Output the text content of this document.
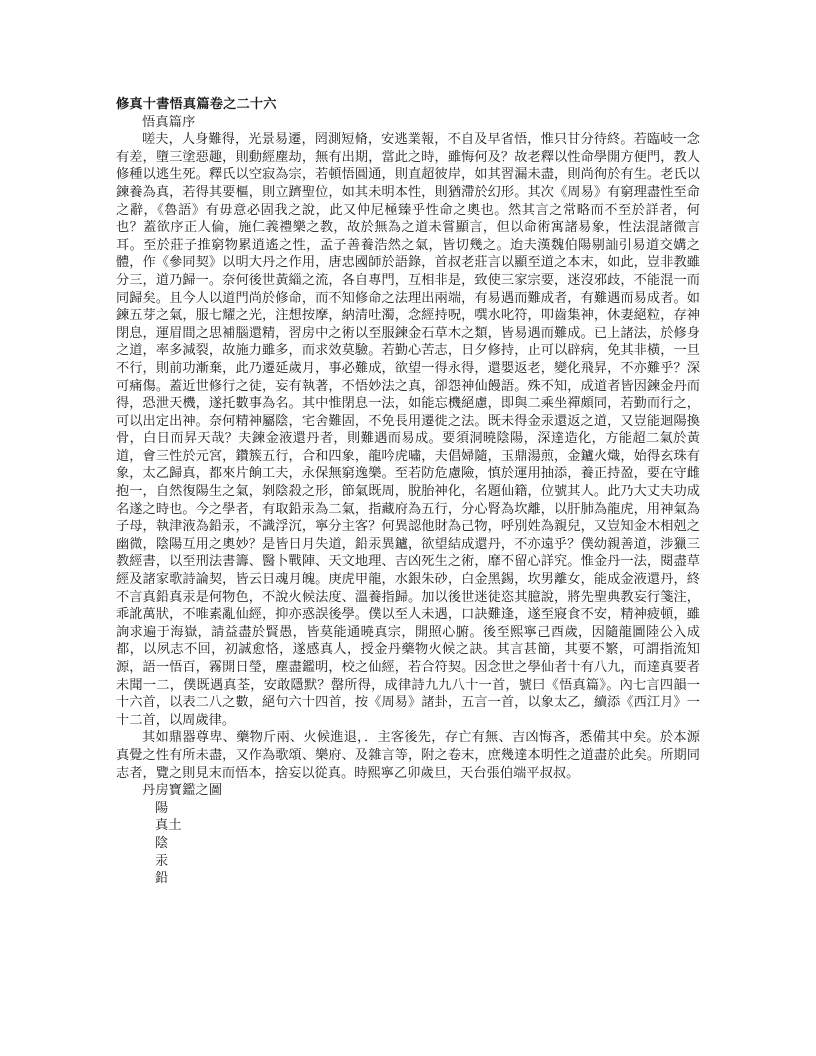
修真十書悟真篇卷之二十六
悟真篇序

嗟夫，人身難得，光景易遷，罔測短脩，安逃業報，不自及早省悟，惟只甘分待終。若臨岐一念有差，墮三塗惡趣，則動經塵劫，無有出期，當此之時，雖悔何及？故老釋以性命學開方便門，教人修種以逃生死。釋氏以空寂為宗，若頓悟圓通，則直超彼岸，如其習漏未盡，則尚徇於有生。老氏以鍊養為真，若得其要樞，則立躋聖位，如其未明本性，則猶滯於幻形。其次《周易》有窮理盡性至命之辭，《魯語》有毋意必固我之說，此又仲尼極臻乎性命之奧也。然其言之常略而不至於詳者，何也？蓋欲序正人倫，施仁義禮樂之教，故於無為之道未嘗顯言，但以命術寓諸易象，性法混諸微言耳。至於莊子推窮物累逍遙之性，孟子善養浩然之氣，皆切幾之。迨夫漢魏伯陽剔訕引易道交媾之體，作《參同契》以明大丹之作用，唐忠國師於語錄，首叔老莊言以顯至道之本末，如此，豈非教雖分三，道乃歸一。奈何後世黃緇之流，各自專門，互相非是，致使三家宗要，迷沒邪歧，不能混一而同歸矣。且今人以道門尚於修命，而不知修命之法理出兩端，有易遇而難成者，有難遇而易成者。如鍊五芽之氣，服七耀之光，注想按摩，納清吐濁，念經持呪，噀水叱符，叩齒集神，休妻絕粒，存神閉息，運眉間之思補腦還精，習房中之術以至服鍊金石草木之類，皆易遇而難成。已上諸法，於修身之道，率多減裂，故施力雖多，而求效莫驗。若勤心苦志，日夕修持，止可以辟病，免其非橫，一旦不行，則前功漸棄，此乃遷延歲月，事必難成，欲望一得永得，還嬰返老，變化飛昇，不亦難乎？深可痛傷。蓋近世修行之徒，妄有執著，不悟妙法之真，卻怨神仙饅語。殊不知，成道者皆因鍊金丹而得，恐泄天機，遂托數事為名。其中惟閉息一法，如能忘機絕慮，即與二乘坐禪頗同，若勤而行之，可以出定出神。奈何精神屬陰，宅舍難固，不免長用遷徙之法。既未得金汞還返之道，又豈能迴陽換骨，白日而昇天哉？夫鍊金液還丹者，則難遇而易成。要須洞曉陰陽，深達造化，方能超二氣於黃道，會三性於元宮，鑽簇五行，合和四象，龍吟虎嘯，夫倡婦隨，玉鼎湯煎，金鑪火熾，始得玄珠有象，太乙歸真，都來片餉工夫，永保無窮逸樂。至若防危慮險，慎於運用抽添，養正持盈，要在守雌抱一，自然復陽生之氣，剝陰殺之形，節氣既周，脫胎神化，名題仙籍，位號其人。此乃大丈夫功成名遂之時也。今之學者，有取鉛汞為二氣，指藏府為五行，分心腎為坎離，以肝肺為龍虎，用神氣為子母，執津液為鉛汞，不識浮沉，寧分主客？何異認他財為己物，呼別姓為親兒，又豈知金木相剋之幽微，陰陽互用之奧妙？是皆日月失道，鉛汞異鑪，欲望結成還丹，不亦遠乎？僕幼親善道，涉獵三教經書，以至刑法書籌、醫卜戰陣、天文地理、吉凶死生之術，靡不留心詳究。惟金丹一法，閱盡草經及諸家歌詩論契，皆云日魂月魄。庚虎甲龍，水銀朱砂，白金黑錫，坎男離女，能成金液還丹，終不言真鉛真汞是何物色，不說火候法度、溫養指歸。加以後世迷徒恣其臆說，將先聖典教妄行箋注，乖訛萬狀，不唯素亂仙經，抑亦惑誤後學。僕以至人未遇，口訣難逢，遂至寢食不安，精神疲頓，雖詢求遍于海嶽，請益盡於賢愚，皆莫能通曉真宗，開照心腑。後至熙寧己酉歲，因隨龍圖陸公入成都，以夙志不回，初誠愈恪，遂感真人，授金丹藥物火候之訣。其言甚簡，其要不繁，可謂指流知源，語一悟百，霧開日瑩，塵盡鑑明，校之仙經，若合符契。因念世之學仙者十有八九，而達真要者未聞一二，僕既遇真荃，安敢隱默？罄所得，成律詩九九八十一首，號曰《悟真篇》。內七言四韻一十六首，以表二八之數，絕句六十四首，按《周易》諸卦，五言一首，以象太乙，續添《西江月》一十二首，以周歲律。

其如鼎器尊卑、藥物斤兩、火候進退，．主客後先，存亡有無、吉凶悔吝，悉備其中矣。於本源真覺之性有所未盡，又作為歌頌、樂府、及雜言等，附之卷末，庶幾達本明性之道盡於此矣。所期同志者，覽之則見末而悟本，捨妄以從真。時熙寧乙卯歲旦，天台張伯端平叔叔。

丹房寶鑑之圖
陽
真土
陰
汞
鉛
